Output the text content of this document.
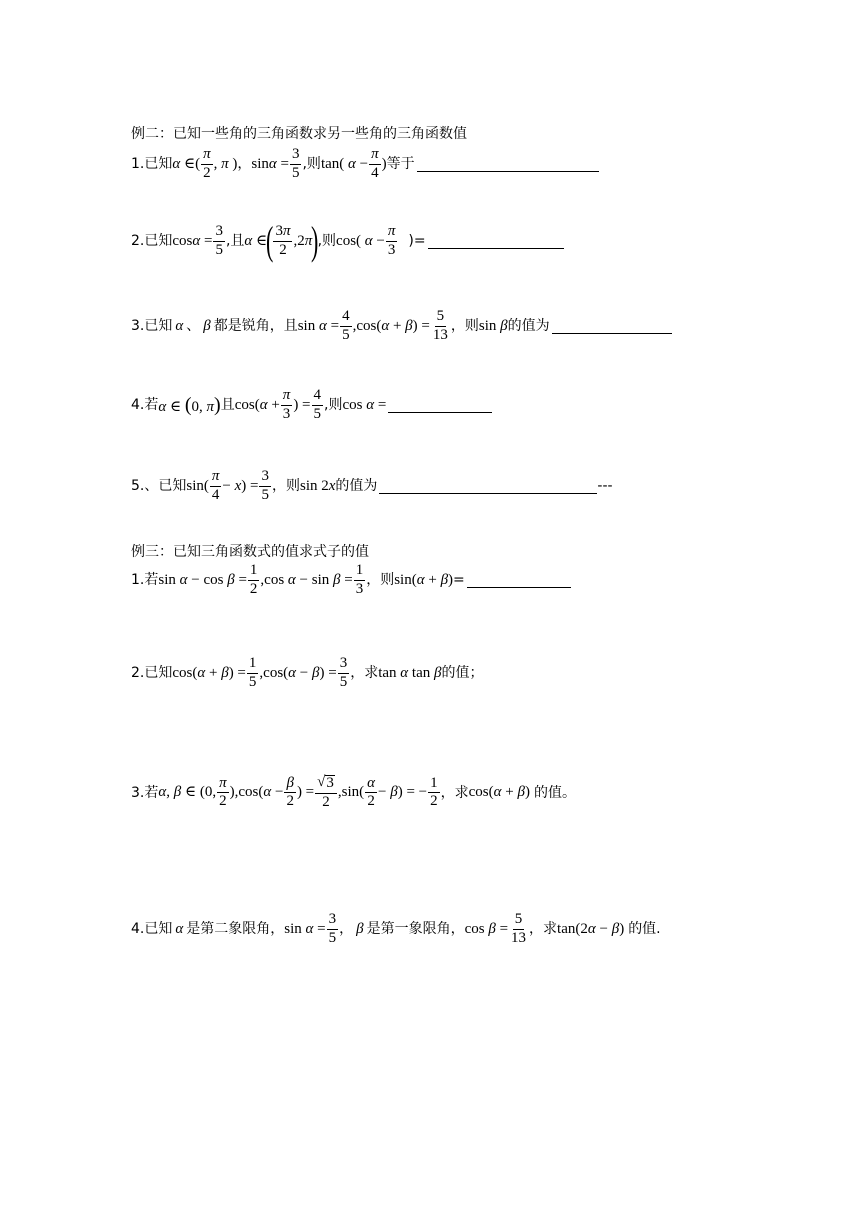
例二：已知一些角的三角函数求另一些角的三角函数值
1. 已知 α ∈( $\frac{\pi}{2}$ , π ) ， $\sin\alpha = \frac{3}{5}$ ,则 tan( $\alpha - \frac{\pi}{4}$ ) 等于
2. 已知 $\cos\alpha = \frac{3}{5}$ ,且 α ∈
( $\frac{3\pi}{2} ,2\pi$
)
,则 cos( $\alpha - \frac{\pi}{3}$ )=
3. 已知 α 、 β 都是锐角，且 $\sin \alpha = \frac{4}{5} ,\cos(\alpha + \beta) = \frac{5}{13}$ ，则 sin β 的值为
4. 若 α ∈ (0, π) 且 $\cos(\alpha + \frac{\pi}{3}$ ) = $\frac{4}{5}$ ,则 cos α =
5.、 已知 $\sin( \frac{\pi}{4} - x) = \frac{3}{5}$ ，则 sin 2x 的值为	---
例三：已知三角函数式的值求式子的值
1. 若 $\sin \alpha - \cos \beta = \frac{1}{2} ,\cos$ $\alpha - \sin \beta = \frac{1}{3}$ ，则 sin(α + β) =
2. 已知 $\cos(\alpha + \beta) = \frac{1}{5} ,\cos(\alpha - \beta) = \frac{3}{5}$ ，求 tan α tan β 的值；
3. 若 α, β ∈ (0, $\frac{\pi}{2} ),\cos(\alpha - \frac{\beta}{2}$ ) = $\frac{√ 3}{2} ,\sin( \frac{\alpha}{2} - \beta)$ = − $\frac{1}{2}$ ，求 cos(α + β) 的值。
4. 已知 α 是第二象限角， $\sin \alpha = \frac{3}{5}$ ， β 是第一象限角， $\cos \beta = \frac{5}{13}$ ，求 tan(2α − β) 的值.
